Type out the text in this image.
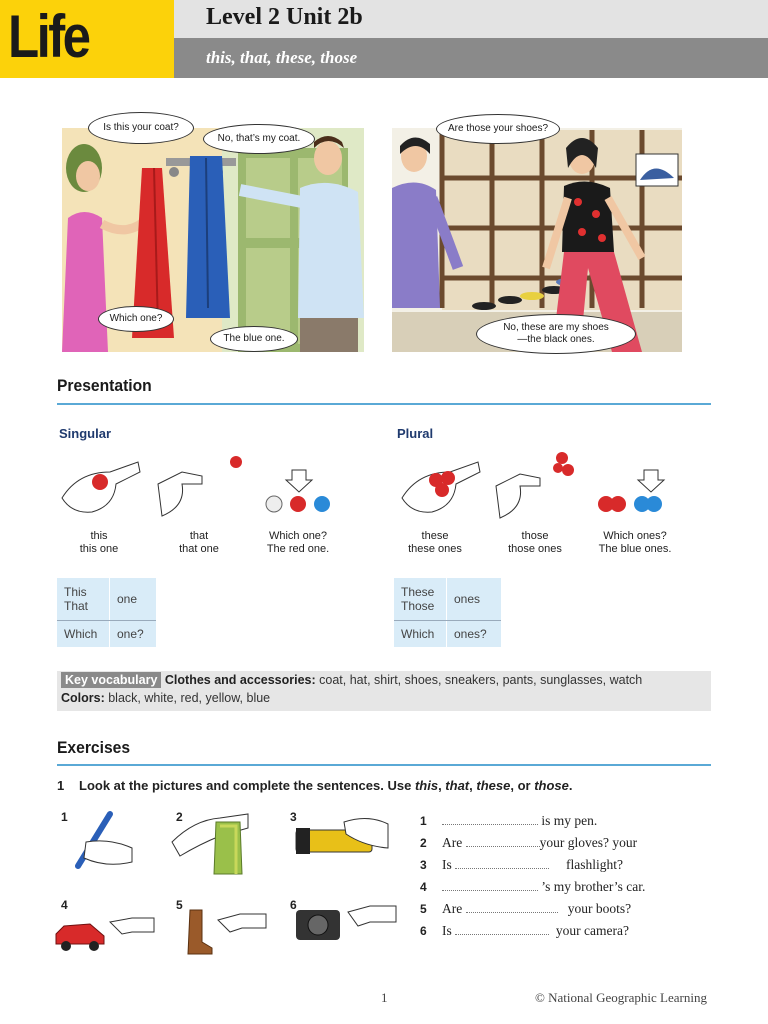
Life	Level 2 Unit 2b
this, that, these, those
Is this your coat?
No, that’s my coat.
Which one?
The blue one.
Are those your shoes?
No, these are my shoes
—the black ones.
Presentation
Singular	Plural
this
this one
that
that one
Which one?
The red one.
these
these ones
those
those ones
Which ones?
The blue ones.
This
That	one
Which	one?
These
Those	ones
Which	ones?
Key vocabulary Clothes and accessories: coat, hat, shirt, shoes, sneakers, pants, sunglasses, watch
Colors: black, white, red, yellow, blue
Exercises
1 Look at the pictures and complete the sentences. Use this, that, these, or those.
1	2	3
4	5	6
1	is my pen.
2 Are	your gloves? your
3 Is	flashlight?
4	’s my brother’s car.
5 Are	your boots?
6 Is	your camera?
1	© National Geographic Learning
